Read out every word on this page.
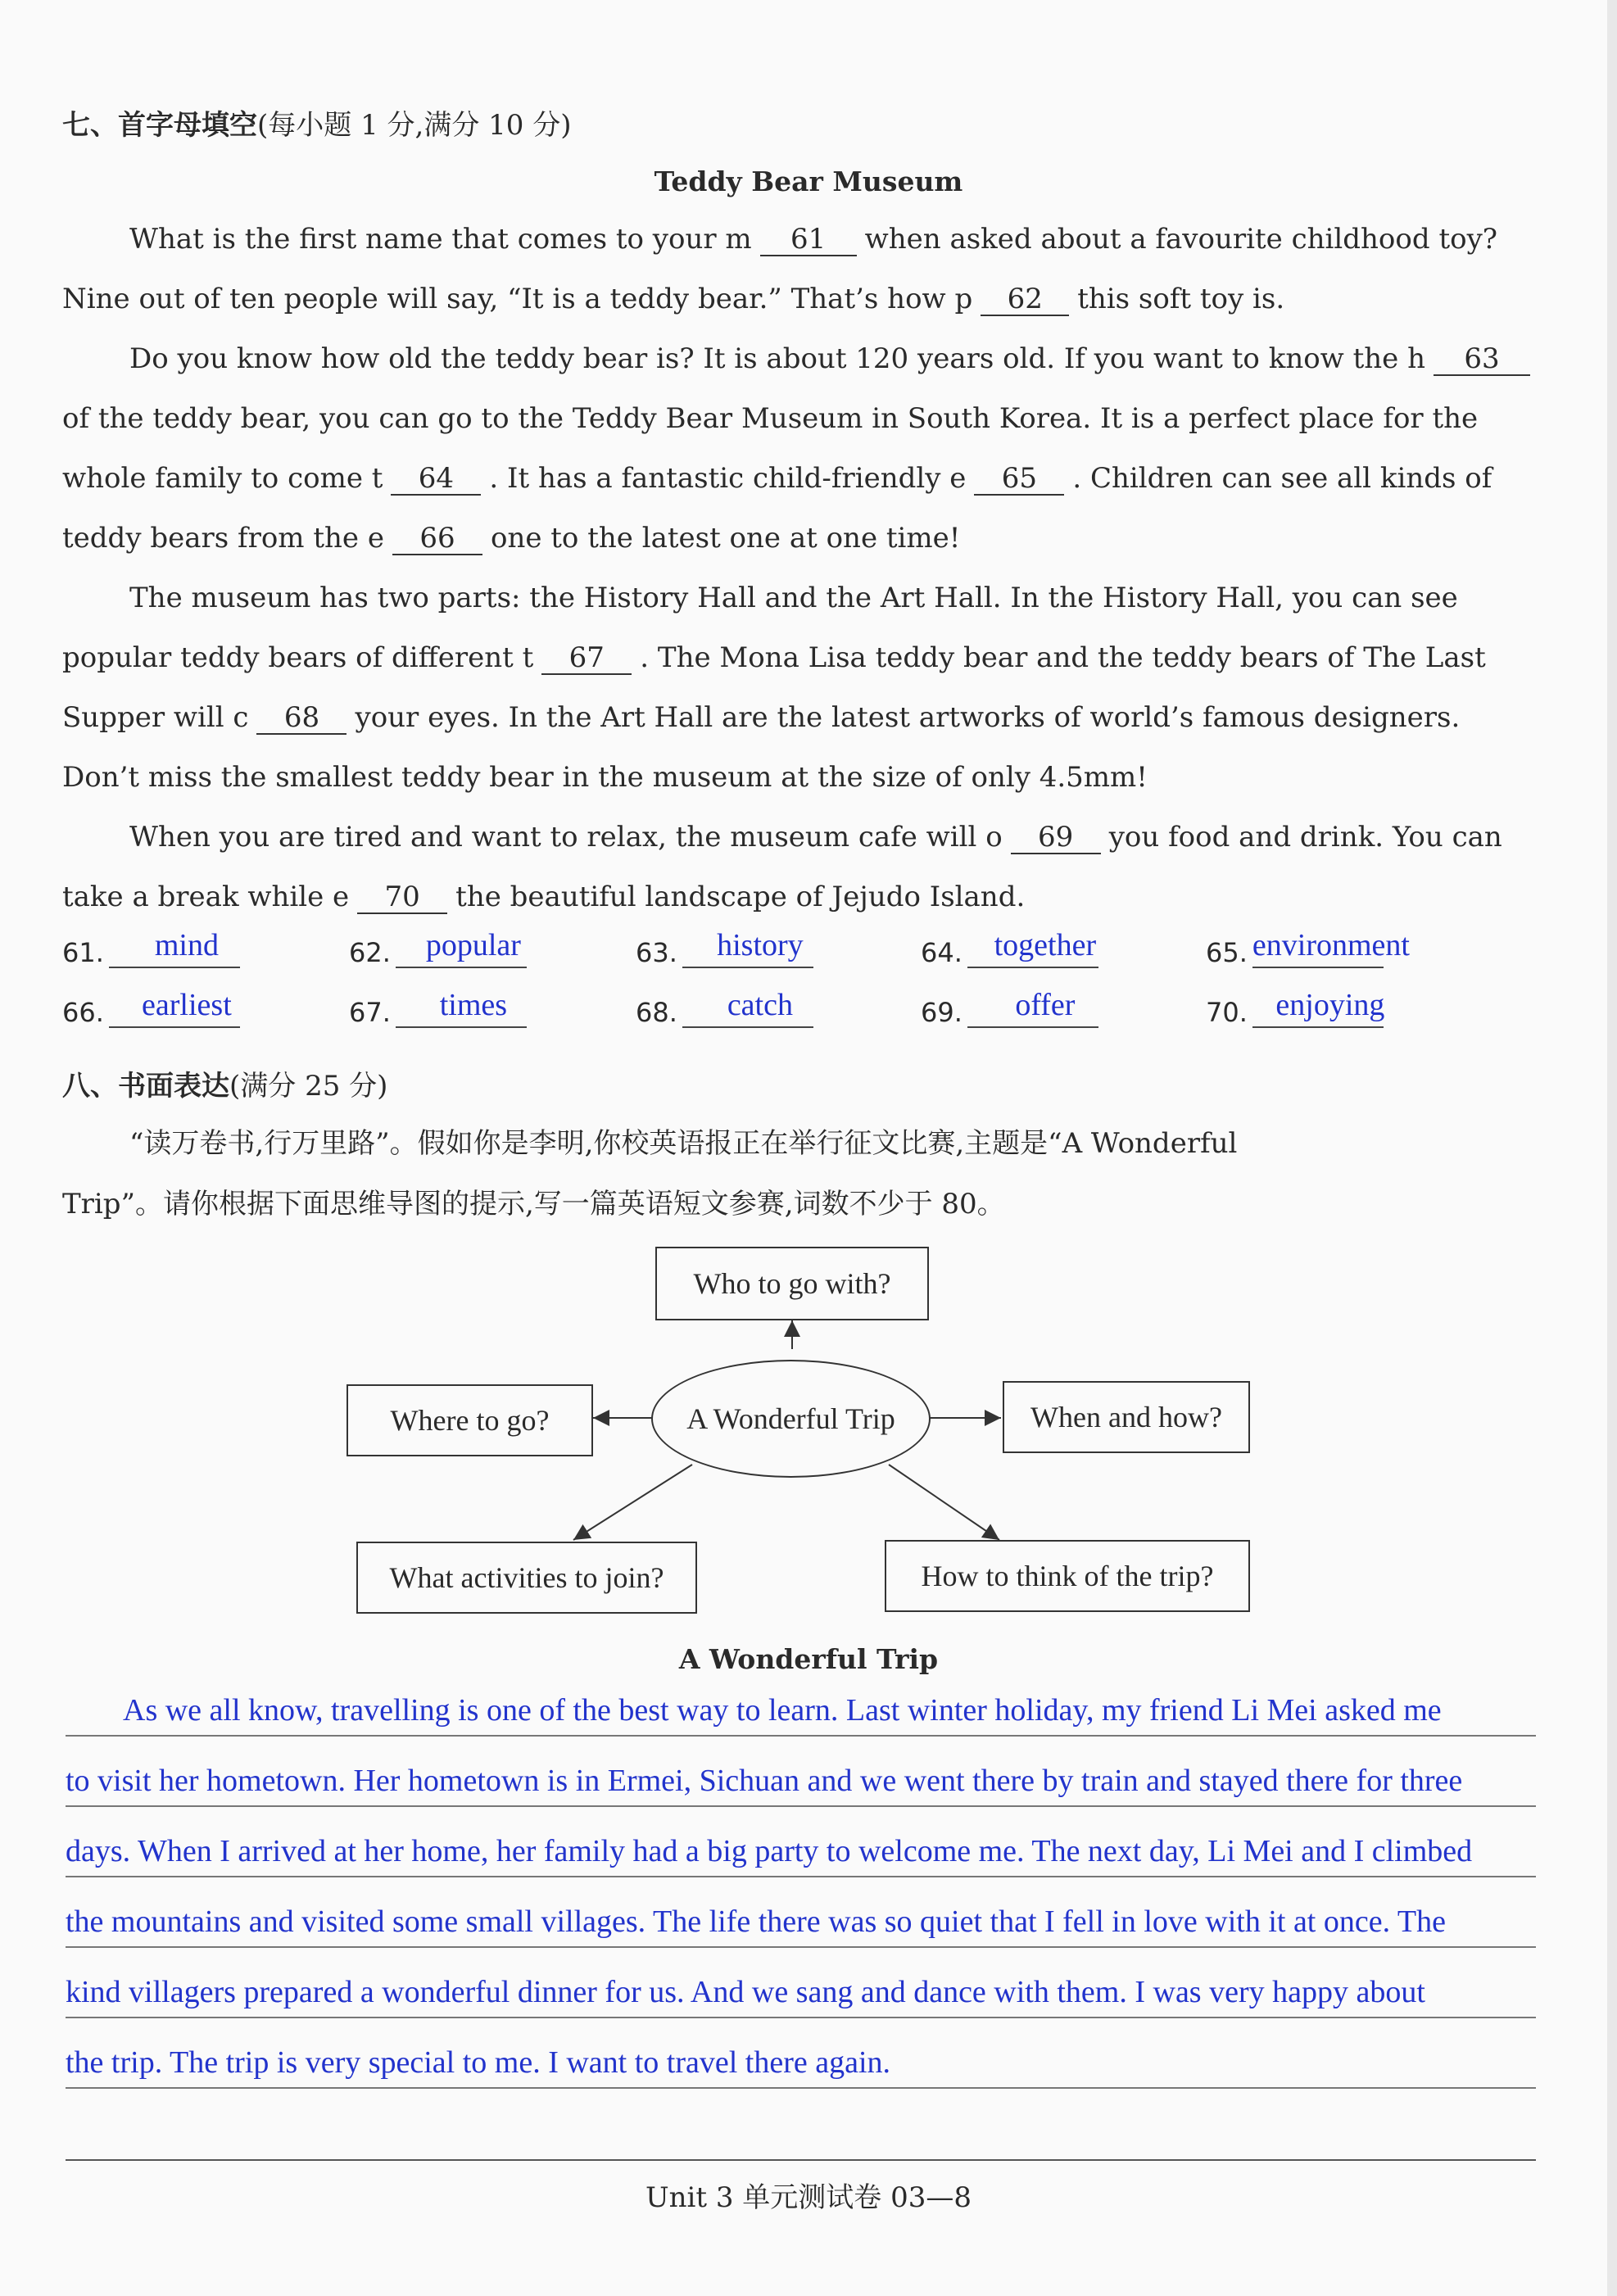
七、首字母填空(每小题 1 分,满分 10 分)
Teddy Bear Museum
What is the first name that comes to your m 61 when asked about a favourite childhood toy?
Nine out of ten people will say, “It is a teddy bear.” That’s how p 62 this soft toy is.
Do you know how old the teddy bear is? It is about 120 years old. If you want to know the h 63
of the teddy bear, you can go to the Teddy Bear Museum in South Korea. It is a perfect place for the
whole family to come t 64 . It has a fantastic child-friendly e 65 . Children can see all kinds of
teddy bears from the e 66 one to the latest one at one time!
The museum has two parts: the History Hall and the Art Hall. In the History Hall, you can see
popular teddy bears of different t 67 . The Mona Lisa teddy bear and the teddy bears of The Last
Supper will c 68 your eyes. In the Art Hall are the latest artworks of world’s famous designers.
Don’t miss the smallest teddy bear in the museum at the size of only 4.5mm!
When you are tired and want to relax, the museum cafe will o 69 you food and drink. You can
take a break while e 70 the beautiful landscape of Jejudo Island.
61.	mind	62.	popular	63.	history	64.	together	65. environment
66.	earliest	67.	times	68.	catch	69.	offer	70. enjoying
八、书面表达(满分 25 分)
“读万卷书,行万里路”。假如你是李明,你校英语报正在举行征文比赛,主题是“A Wonderful
Trip”。请你根据下面思维导图的提示,写一篇英语短文参赛,词数不少于 80。
Who to go with?
A Wonderful Trip
Where to go?	When and how?
What activities to join?	How to think of the trip?
A Wonderful Trip
As we all know, travelling is one of the best way to learn. Last winter holiday, my friend Li Mei asked me
to visit her hometown. Her hometown is in Ermei, Sichuan and we went there by train and stayed there for three
days. When I arrived at her home, her family had a big party to welcome me. The next day, Li Mei and I climbed
the mountains and visited some small villages. The life there was so quiet that I fell in love with it at once. The
kind villagers prepared a wonderful dinner for us. And we sang and dance with them. I was very happy about
the trip. The trip is very special to me. I want to travel there again.
Unit 3 单元测试卷 03—8
